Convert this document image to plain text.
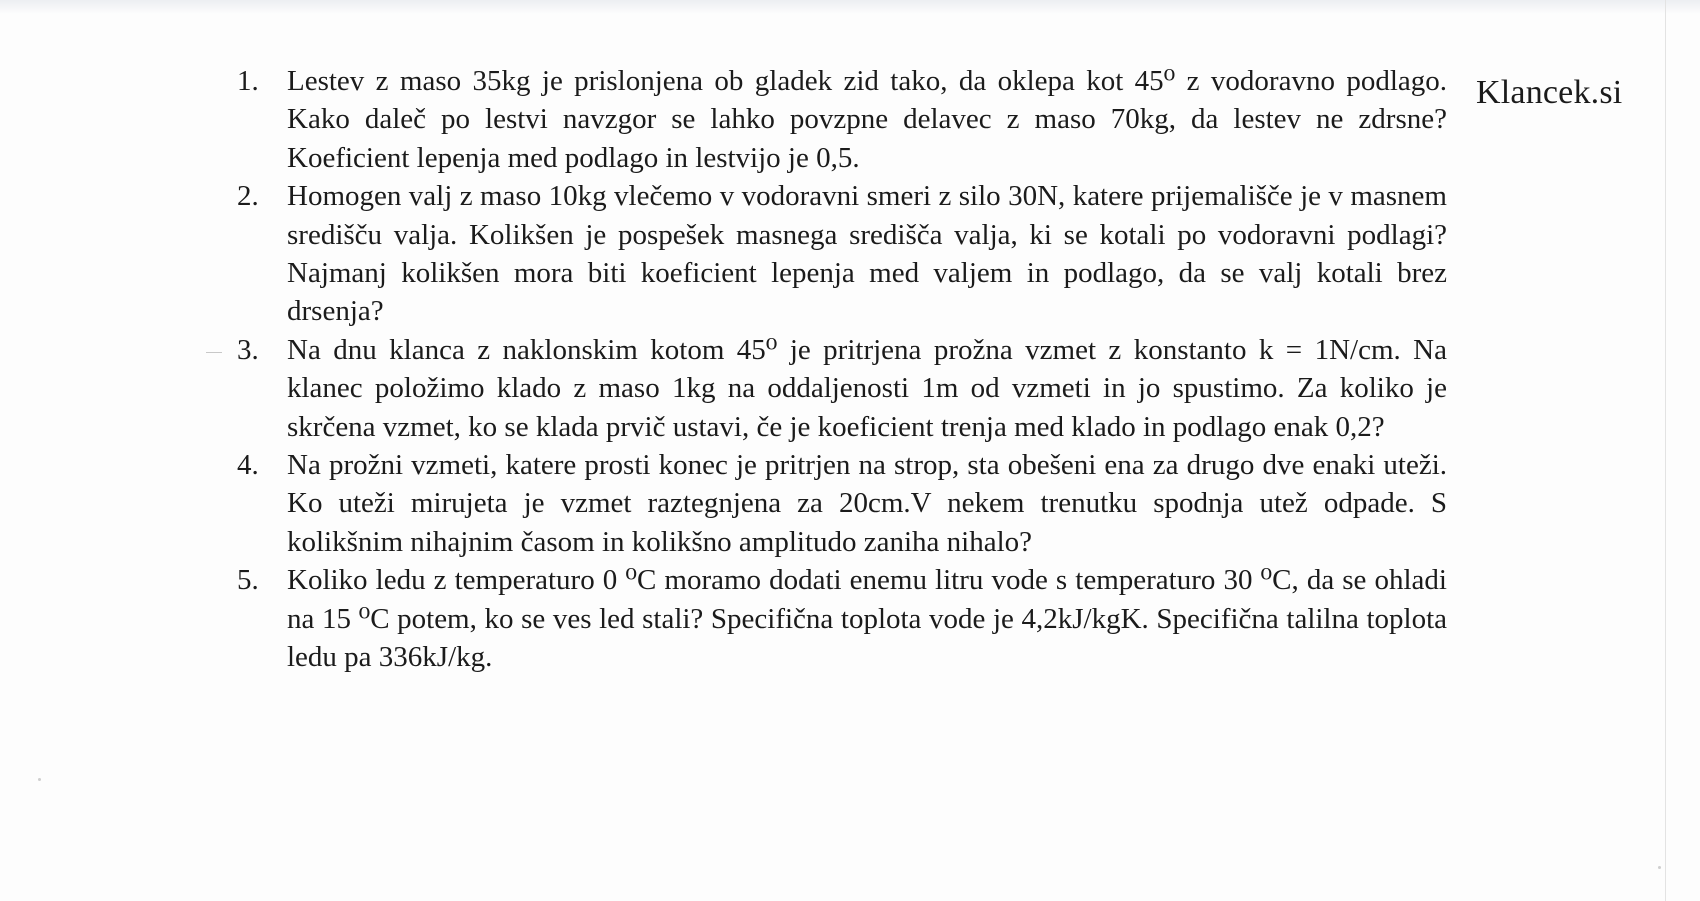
Klancek.si
1. Lestev z maso 35kg je prislonjena ob gladek zid tako, da oklepa kot 45⁰ z vodoravno podlago. Kako daleč po lestvi navzgor se lahko povzpne delavec z maso 70kg, da lestev ne zdrsne? Koeficient lepenja med podlago in lestvijo je 0,5.
2. Homogen valj z maso 10kg vlečemo v vodoravni smeri z silo 30N, katere prijemališče je v masnem središču valja. Kolikšen je pospešek masnega središča valja, ki se kotali po vodoravni podlagi? Najmanj kolikšen mora biti koeficient lepenja med valjem in podlago, da se valj kotali brez drsenja?
3. Na dnu klanca z naklonskim kotom 45⁰ je pritrjena prožna vzmet z konstanto k = 1N/cm. Na klanec položimo klado z maso 1kg na oddaljenosti 1m od vzmeti in jo spustimo. Za koliko je skrčena vzmet, ko se klada prvič ustavi, če je koeficient trenja med klado in podlago enak 0,2?
4. Na prožni vzmeti, katere prosti konec je pritrjen na strop, sta obešeni ena za drugo dve enaki uteži. Ko uteži mirujeta je vzmet raztegnjena za 20cm.V nekem trenutku spodnja utež odpade. S kolikšnim nihajnim časom in kolikšno amplitudo zaniha nihalo?
5. Koliko ledu z temperaturo 0 ⁰C moramo dodati enemu litru vode s temperaturo 30 ⁰C, da se ohladi na 15 ⁰C potem, ko se ves led stali? Specifična toplota vode je 4,2kJ/kgK. Specifična talilna toplota ledu pa 336kJ/kg.
